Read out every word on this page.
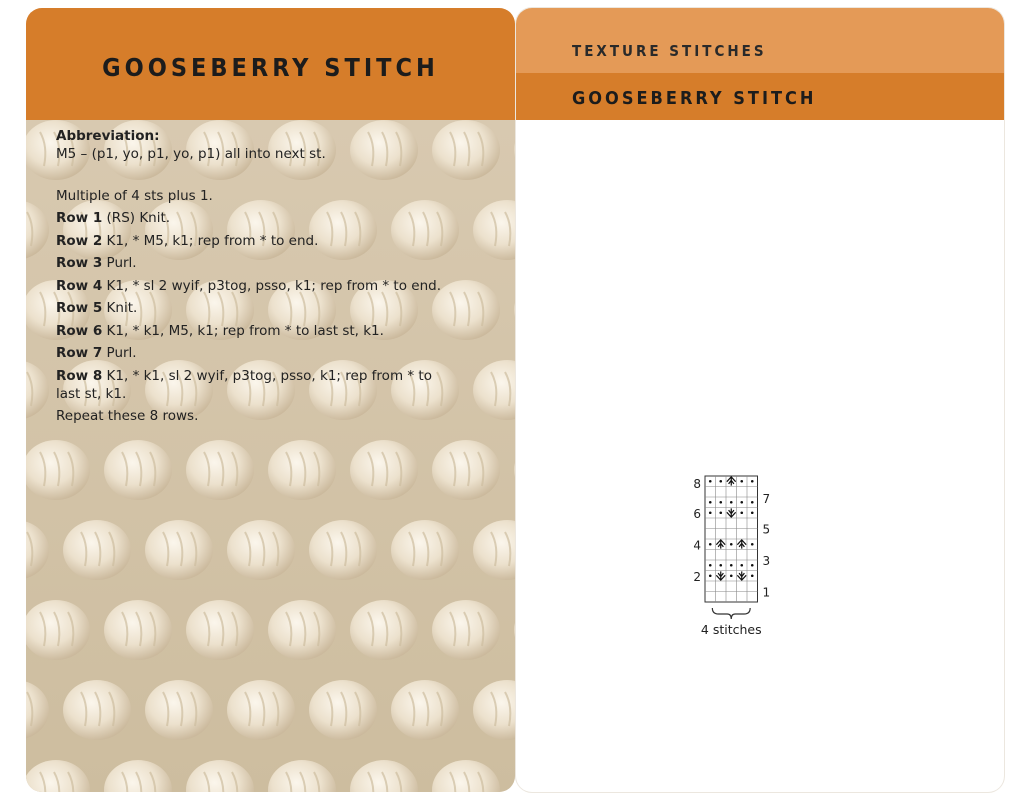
GOOSEBERRY STITCH
TEXTURE STITCHES
GOOSEBERRY STITCH
Abbreviation:
M5 – (p1, yo, p1, yo, p1) all into next st.
Multiple of 4 sts plus 1.
Row 1 (RS) Knit.
Row 2 K1, * M5, k1; rep from * to end.
Row 3 Purl.
Row 4 K1, * sl 2 wyif, p3tog, psso, k1; rep from * to end.
Row 5 Knit.
Row 6 K1, * k1, M5, k1; rep from * to last st, k1.
Row 7 Purl.
Row 8 K1, * k1, sl 2 wyif, p3tog, psso, k1; rep from * to last st, k1.
Repeat these 8 rows.
8
6
4
2
7
5
3
1
4 stitches
